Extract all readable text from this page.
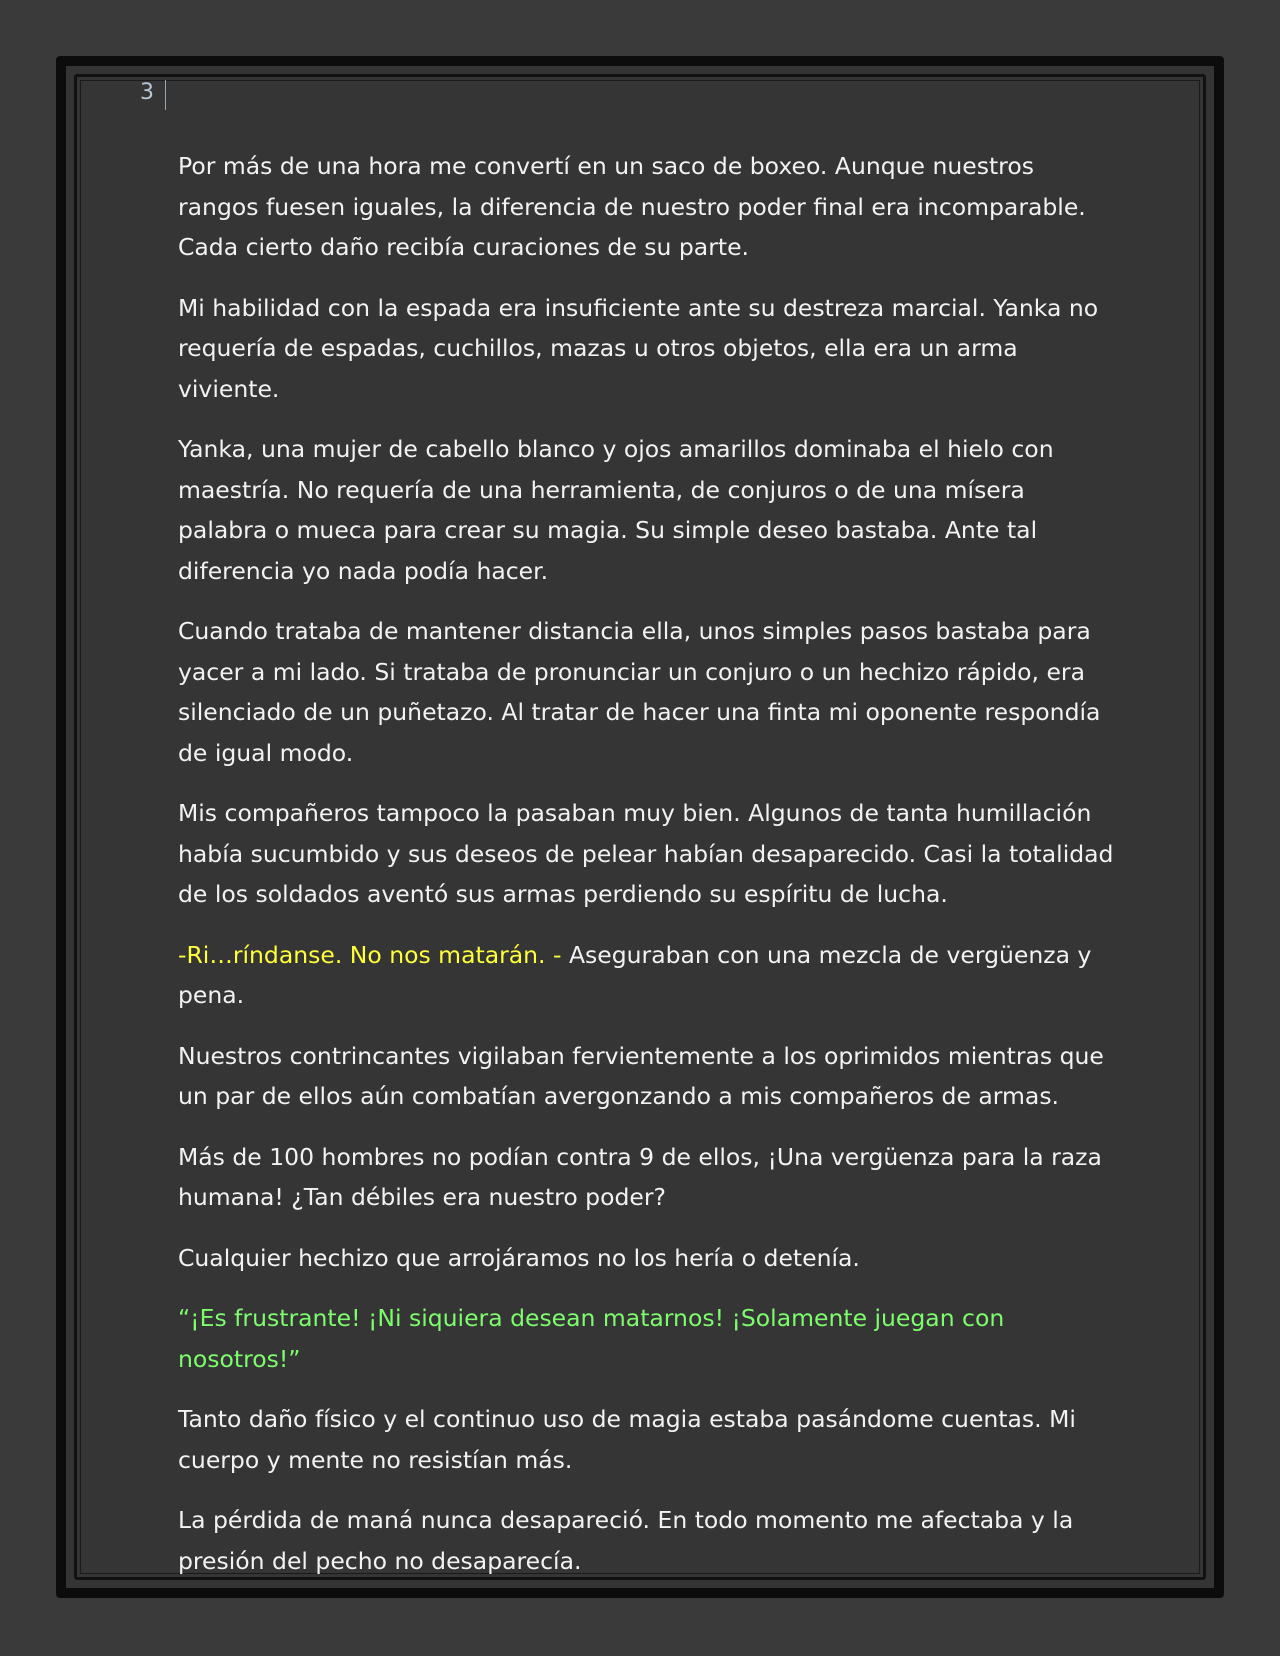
3

Por más de una hora me convertí en un saco de boxeo. Aunque nuestros rangos fuesen iguales, la diferencia de nuestro poder final era incomparable. Cada cierto daño recibía curaciones de su parte.

Mi habilidad con la espada era insuficiente ante su destreza marcial. Yanka no requería de espadas, cuchillos, mazas u otros objetos, ella era un arma viviente.

Yanka, una mujer de cabello blanco y ojos amarillos dominaba el hielo con maestría. No requería de una herramienta, de conjuros o de una mísera palabra o mueca para crear su magia. Su simple deseo bastaba. Ante tal diferencia yo nada podía hacer.

Cuando trataba de mantener distancia ella, unos simples pasos bastaba para yacer a mi lado. Si trataba de pronunciar un conjuro o un hechizo rápido, era silenciado de un puñetazo. Al tratar de hacer una finta mi oponente respondía de igual modo.

Mis compañeros tampoco la pasaban muy bien. Algunos de tanta humillación había sucumbido y sus deseos de pelear habían desaparecido. Casi la totalidad de los soldados aventó sus armas perdiendo su espíritu de lucha.

-Ri…ríndanse. No nos matarán. - Aseguraban con una mezcla de vergüenza y pena.

Nuestros contrincantes vigilaban fervientemente a los oprimidos mientras que un par de ellos aún combatían avergonzando a mis compañeros de armas.

Más de 100 hombres no podían contra 9 de ellos, ¡Una vergüenza para la raza humana! ¿Tan débiles era nuestro poder?

Cualquier hechizo que arrojáramos no los hería o detenía.

“¡Es frustrante! ¡Ni siquiera desean matarnos! ¡Solamente juegan con nosotros!”

Tanto daño físico y el continuo uso de magia estaba pasándome cuentas. Mi cuerpo y mente no resistían más.

La pérdida de maná nunca desapareció. En todo momento me afectaba y la presión del pecho no desaparecía.
